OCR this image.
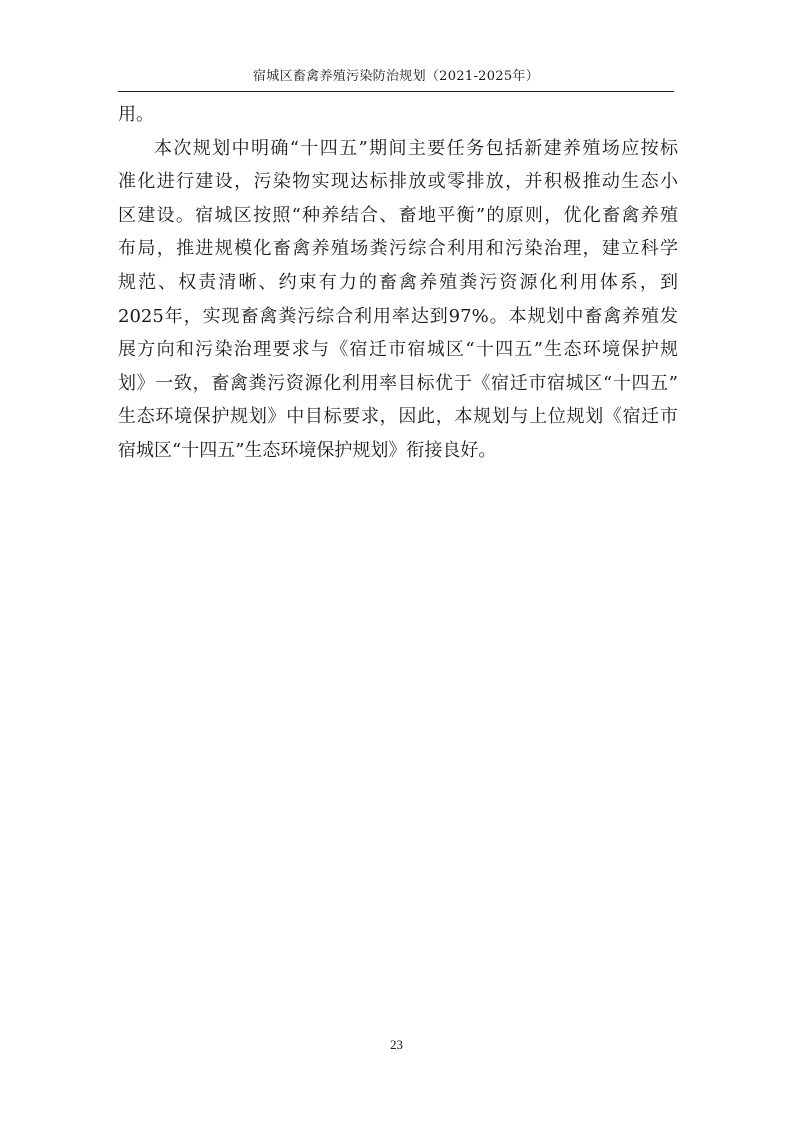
宿城区畜禽养殖污染防治规划（2021-2025年）
用。
本次规划中明确“十四五”期间主要任务包括新建养殖场应按标
准化进行建设，污染物实现达标排放或零排放，并积极推动生态小
区建设。宿城区按照“种养结合、畜地平衡”的原则，优化畜禽养殖
布局，推进规模化畜禽养殖场粪污综合利用和污染治理，建立科学
规范、权责清晰、约束有力的畜禽养殖粪污资源化利用体系，到
2025年，实现畜禽粪污综合利用率达到97%。本规划中畜禽养殖发
展方向和污染治理要求与《宿迁市宿城区“十四五”生态环境保护规
划》一致，畜禽粪污资源化利用率目标优于《宿迁市宿城区“十四五”
生态环境保护规划》中目标要求，因此，本规划与上位规划《宿迁市
宿城区“十四五”生态环境保护规划》衔接良好。
23
